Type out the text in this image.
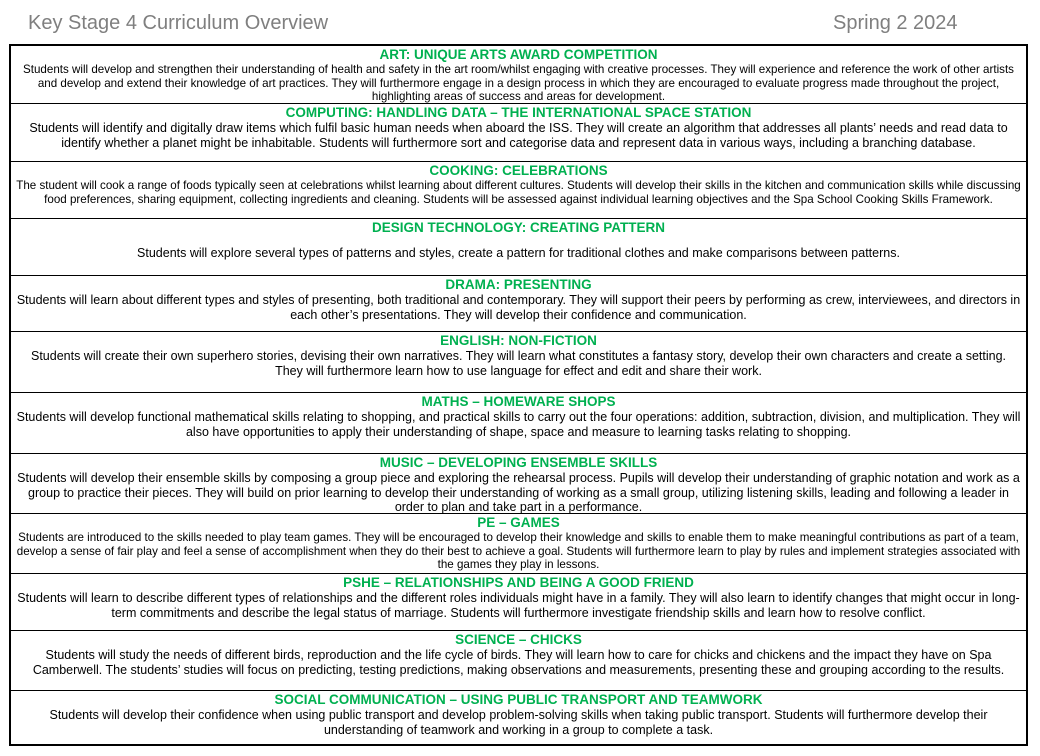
Key Stage 4 Curriculum Overview	Spring 2 2024
ART: UNIQUE ARTS AWARD COMPETITION
Students will develop and strengthen their understanding of health and safety in the art room/whilst engaging with creative processes. They will experience and reference the work of other artists and develop and extend their knowledge of art practices. They will furthermore engage in a design process in which they are encouraged to evaluate progress made throughout the project, highlighting areas of success and areas for development.
COMPUTING: HANDLING DATA – THE INTERNATIONAL SPACE STATION
Students will identify and digitally draw items which fulfil basic human needs when aboard the ISS. They will create an algorithm that addresses all plants’ needs and read data to identify whether a planet might be inhabitable. Students will furthermore sort and categorise data and represent data in various ways, including a branching database.
COOKING: CELEBRATIONS
The student will cook a range of foods typically seen at celebrations whilst learning about different cultures. Students will develop their skills in the kitchen and communication skills while discussing food preferences, sharing equipment, collecting ingredients and cleaning. Students will be assessed against individual learning objectives and the Spa School Cooking Skills Framework.
DESIGN TECHNOLOGY: CREATING PATTERN
Students will explore several types of patterns and styles, create a pattern for traditional clothes and make comparisons between patterns.
DRAMA: PRESENTING
Students will learn about different types and styles of presenting, both traditional and contemporary. They will support their peers by performing as crew, interviewees, and directors in each other’s presentations. They will develop their confidence and communication.
ENGLISH: NON-FICTION
Students will create their own superhero stories, devising their own narratives. They will learn what constitutes a fantasy story, develop their own characters and create a setting. They will furthermore learn how to use language for effect and edit and share their work.
MATHS – HOMEWARE SHOPS
Students will develop functional mathematical skills relating to shopping, and practical skills to carry out the four operations: addition, subtraction, division, and multiplication. They will also have opportunities to apply their understanding of shape, space and measure to learning tasks relating to shopping.
MUSIC – DEVELOPING ENSEMBLE SKILLS
Students will develop their ensemble skills by composing a group piece and exploring the rehearsal process. Pupils will develop their understanding of graphic notation and work as a group to practice their pieces. They will build on prior learning to develop their understanding of working as a small group, utilizing listening skills, leading and following a leader in order to plan and take part in a performance.
PE – GAMES
Students are introduced to the skills needed to play team games. They will be encouraged to develop their knowledge and skills to enable them to make meaningful contributions as part of a team, develop a sense of fair play and feel a sense of accomplishment when they do their best to achieve a goal. Students will furthermore learn to play by rules and implement strategies associated with the games they play in lessons.
PSHE – RELATIONSHIPS AND BEING A GOOD FRIEND
Students will learn to describe different types of relationships and the different roles individuals might have in a family. They will also learn to identify changes that might occur in long-term commitments and describe the legal status of marriage. Students will furthermore investigate friendship skills and learn how to resolve conflict.
SCIENCE – CHICKS
Students will study the needs of different birds, reproduction and the life cycle of birds. They will learn how to care for chicks and chickens and the impact they have on Spa Camberwell. The students’ studies will focus on predicting, testing predictions, making observations and measurements, presenting these and grouping according to the results.
SOCIAL COMMUNICATION – USING PUBLIC TRANSPORT AND TEAMWORK
Students will develop their confidence when using public transport and develop problem-solving skills when taking public transport. Students will furthermore develop their understanding of teamwork and working in a group to complete a task.
